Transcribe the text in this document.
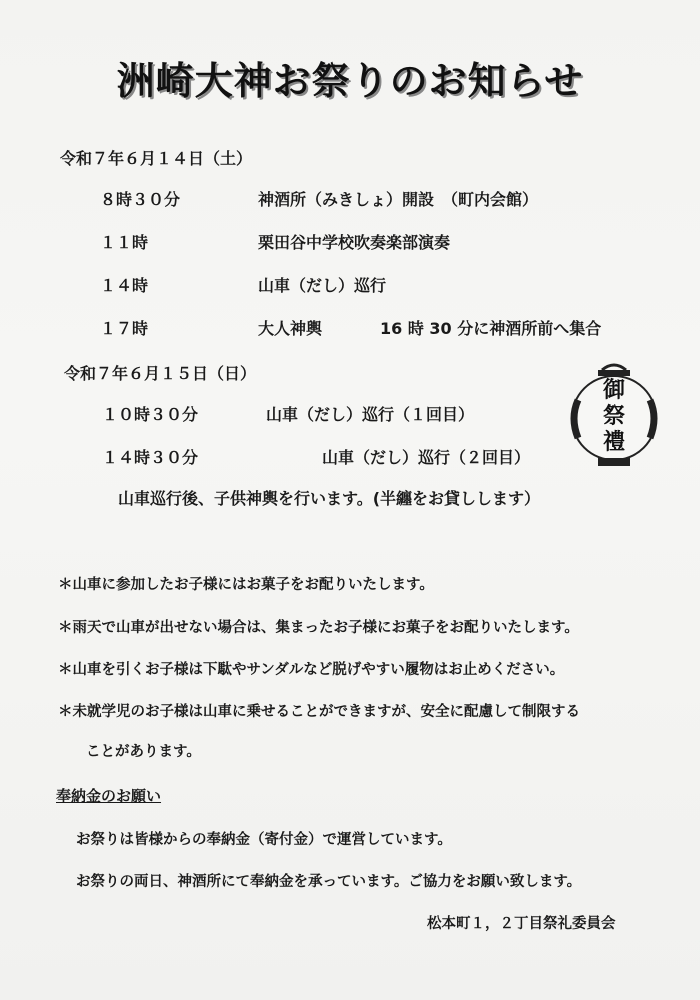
洲崎大神お祭りのお知らせ
令和７年６月１４日（土）
８時３０分	神酒所（みきしょ）開設　（町内会館）
１１時	栗田谷中学校吹奏楽部演奏
１４時	山車（だし）巡行
１７時	大人神輿	16 時 30 分に神酒所前へ集合
令和７年６月１５日（日）
１０時３０分	山車（だし）巡行（１回目）
１４時３０分	山車（だし）巡行（２回目）
山車巡行後、子供神輿を行います。(半纏をお貸しします）
御
祭
禮
＊山車に参加したお子様にはお菓子をお配りいたします。
＊雨天で山車が出せない場合は、集まったお子様にお菓子をお配りいたします。
＊山車を引くお子様は下駄やサンダルなど脱げやすい履物はお止めください。
＊未就学児のお子様は山車に乗せることができますが、安全に配慮して制限する
ことがあります。
奉納金のお願い
お祭りは皆様からの奉納金（寄付金）で運営しています。
お祭りの両日、神酒所にて奉納金を承っています。ご協力をお願い致します。
松本町１，２丁目祭礼委員会
